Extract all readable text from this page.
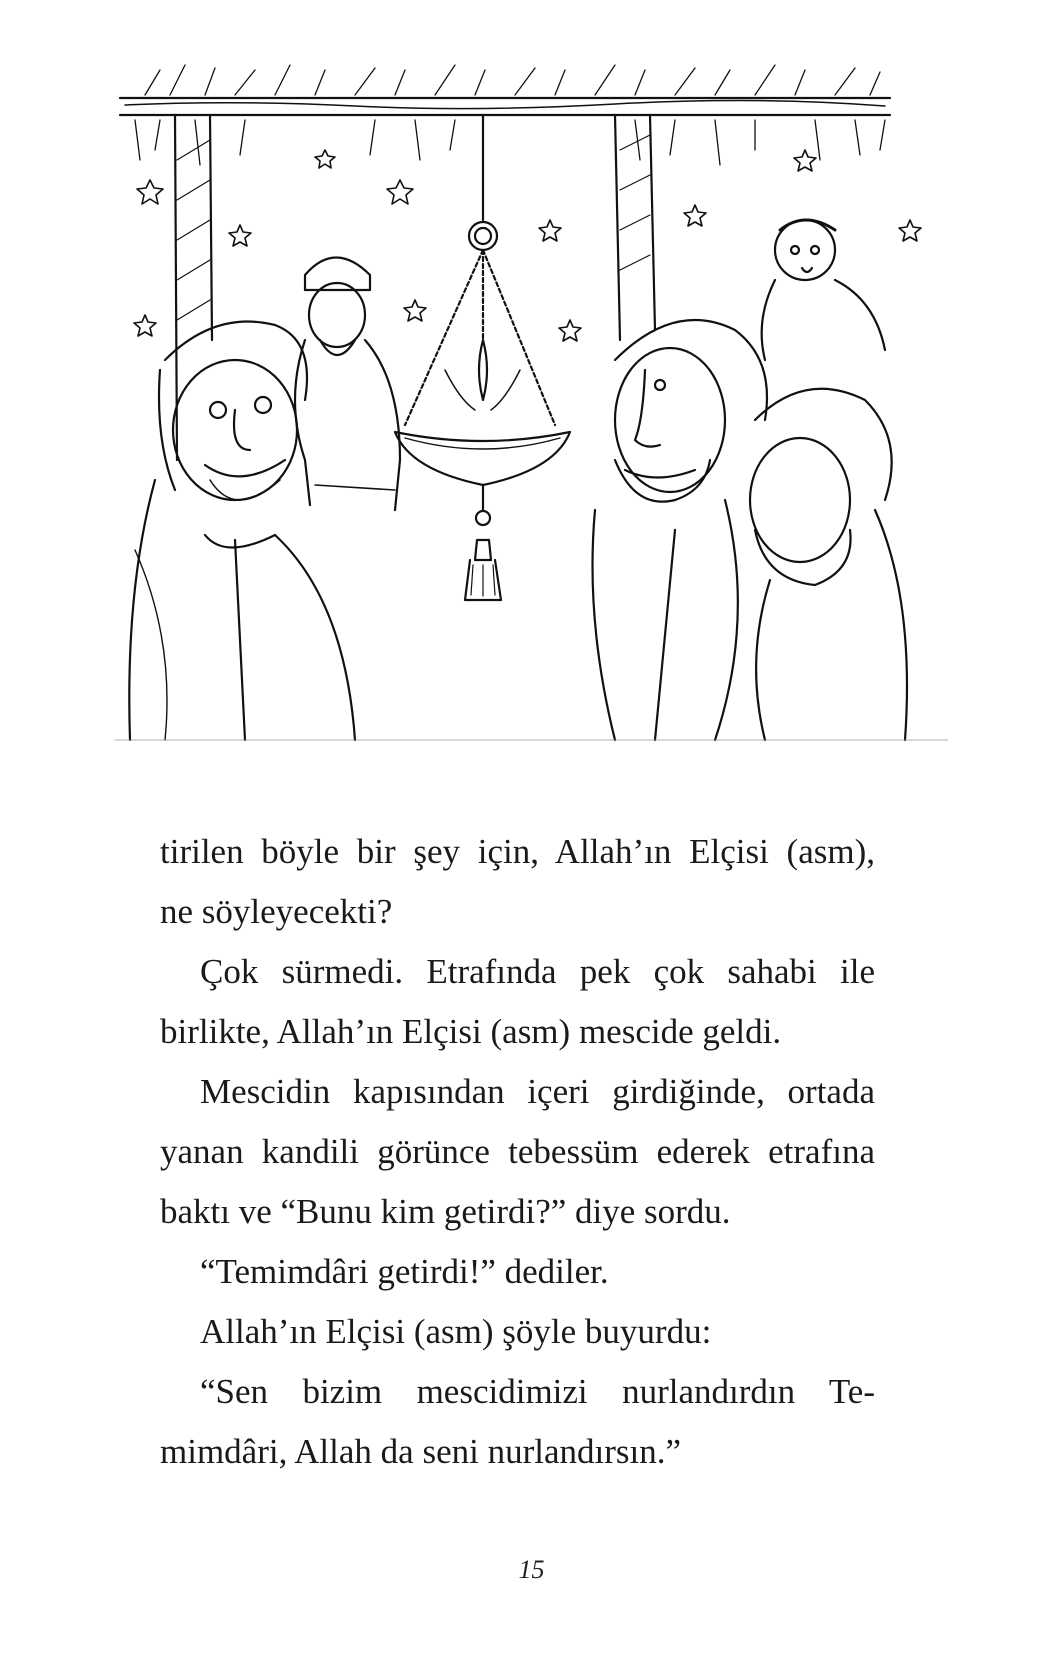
tirilen böyle bir şey için, Allah’ın Elçisi (asm),
ne söyleyecekti?

Çok sürmedi. Etrafında pek çok sahabi ile
birlikte, Allah’ın Elçisi (asm) mescide geldi.

Mescidin kapısından içeri girdiğinde, ortada
yanan kandili görünce tebessüm ederek etrafına
baktı ve “Bunu kim getirdi?” diye sordu.

“Temimdâri getirdi!” dediler.

Allah’ın Elçisi (asm) şöyle buyurdu:

“Sen bizim mescidimizi nurlandırdın Te-
mimdâri, Allah da seni nurlandırsın.”

15
